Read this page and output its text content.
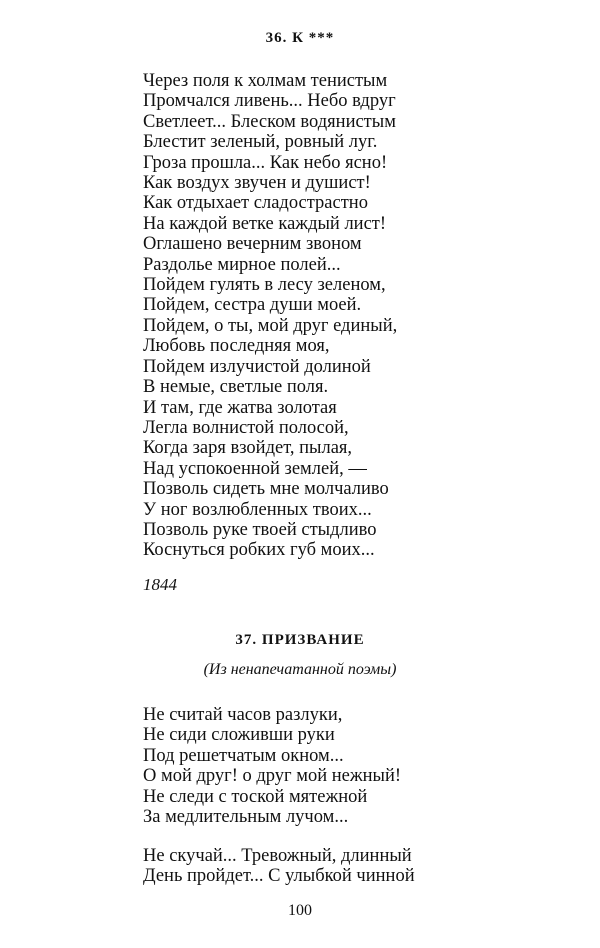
36. К ***
Через поля к холмам тенистым
Промчался ливень... Небо вдруг
Светлеет... Блеском водянистым
Блестит зеленый, ровный луг.
Гроза прошла... Как небо ясно!
Как воздух звучен и душист!
Как отдыхает сладострастно
На каждой ветке каждый лист!
Оглашено вечерним звоном
Раздолье мирное полей...
Пойдем гулять в лесу зеленом,
Пойдем, сестра души моей.
Пойдем, о ты, мой друг единый,
Любовь последняя моя,
Пойдем излучистой долиной
В немые, светлые поля.
И там, где жатва золотая
Легла волнистой полосой,
Когда заря взойдет, пылая,
Над успокоенной землей, —
Позволь сидеть мне молчаливо
У ног возлюбленных твоих...
Позволь руке твоей стыдливо
Коснуться робких губ моих...
1844
37. ПРИЗВАНИЕ
(Из ненапечатанной поэмы)
Не считай часов разлуки,
Не сиди сложивши руки
Под решетчатым окном...
О мой друг! о друг мой нежный!
Не следи с тоской мятежной
За медлительным лучом...
Не скучай... Тревожный, длинный
День пройдет... С улыбкой чинной
100
